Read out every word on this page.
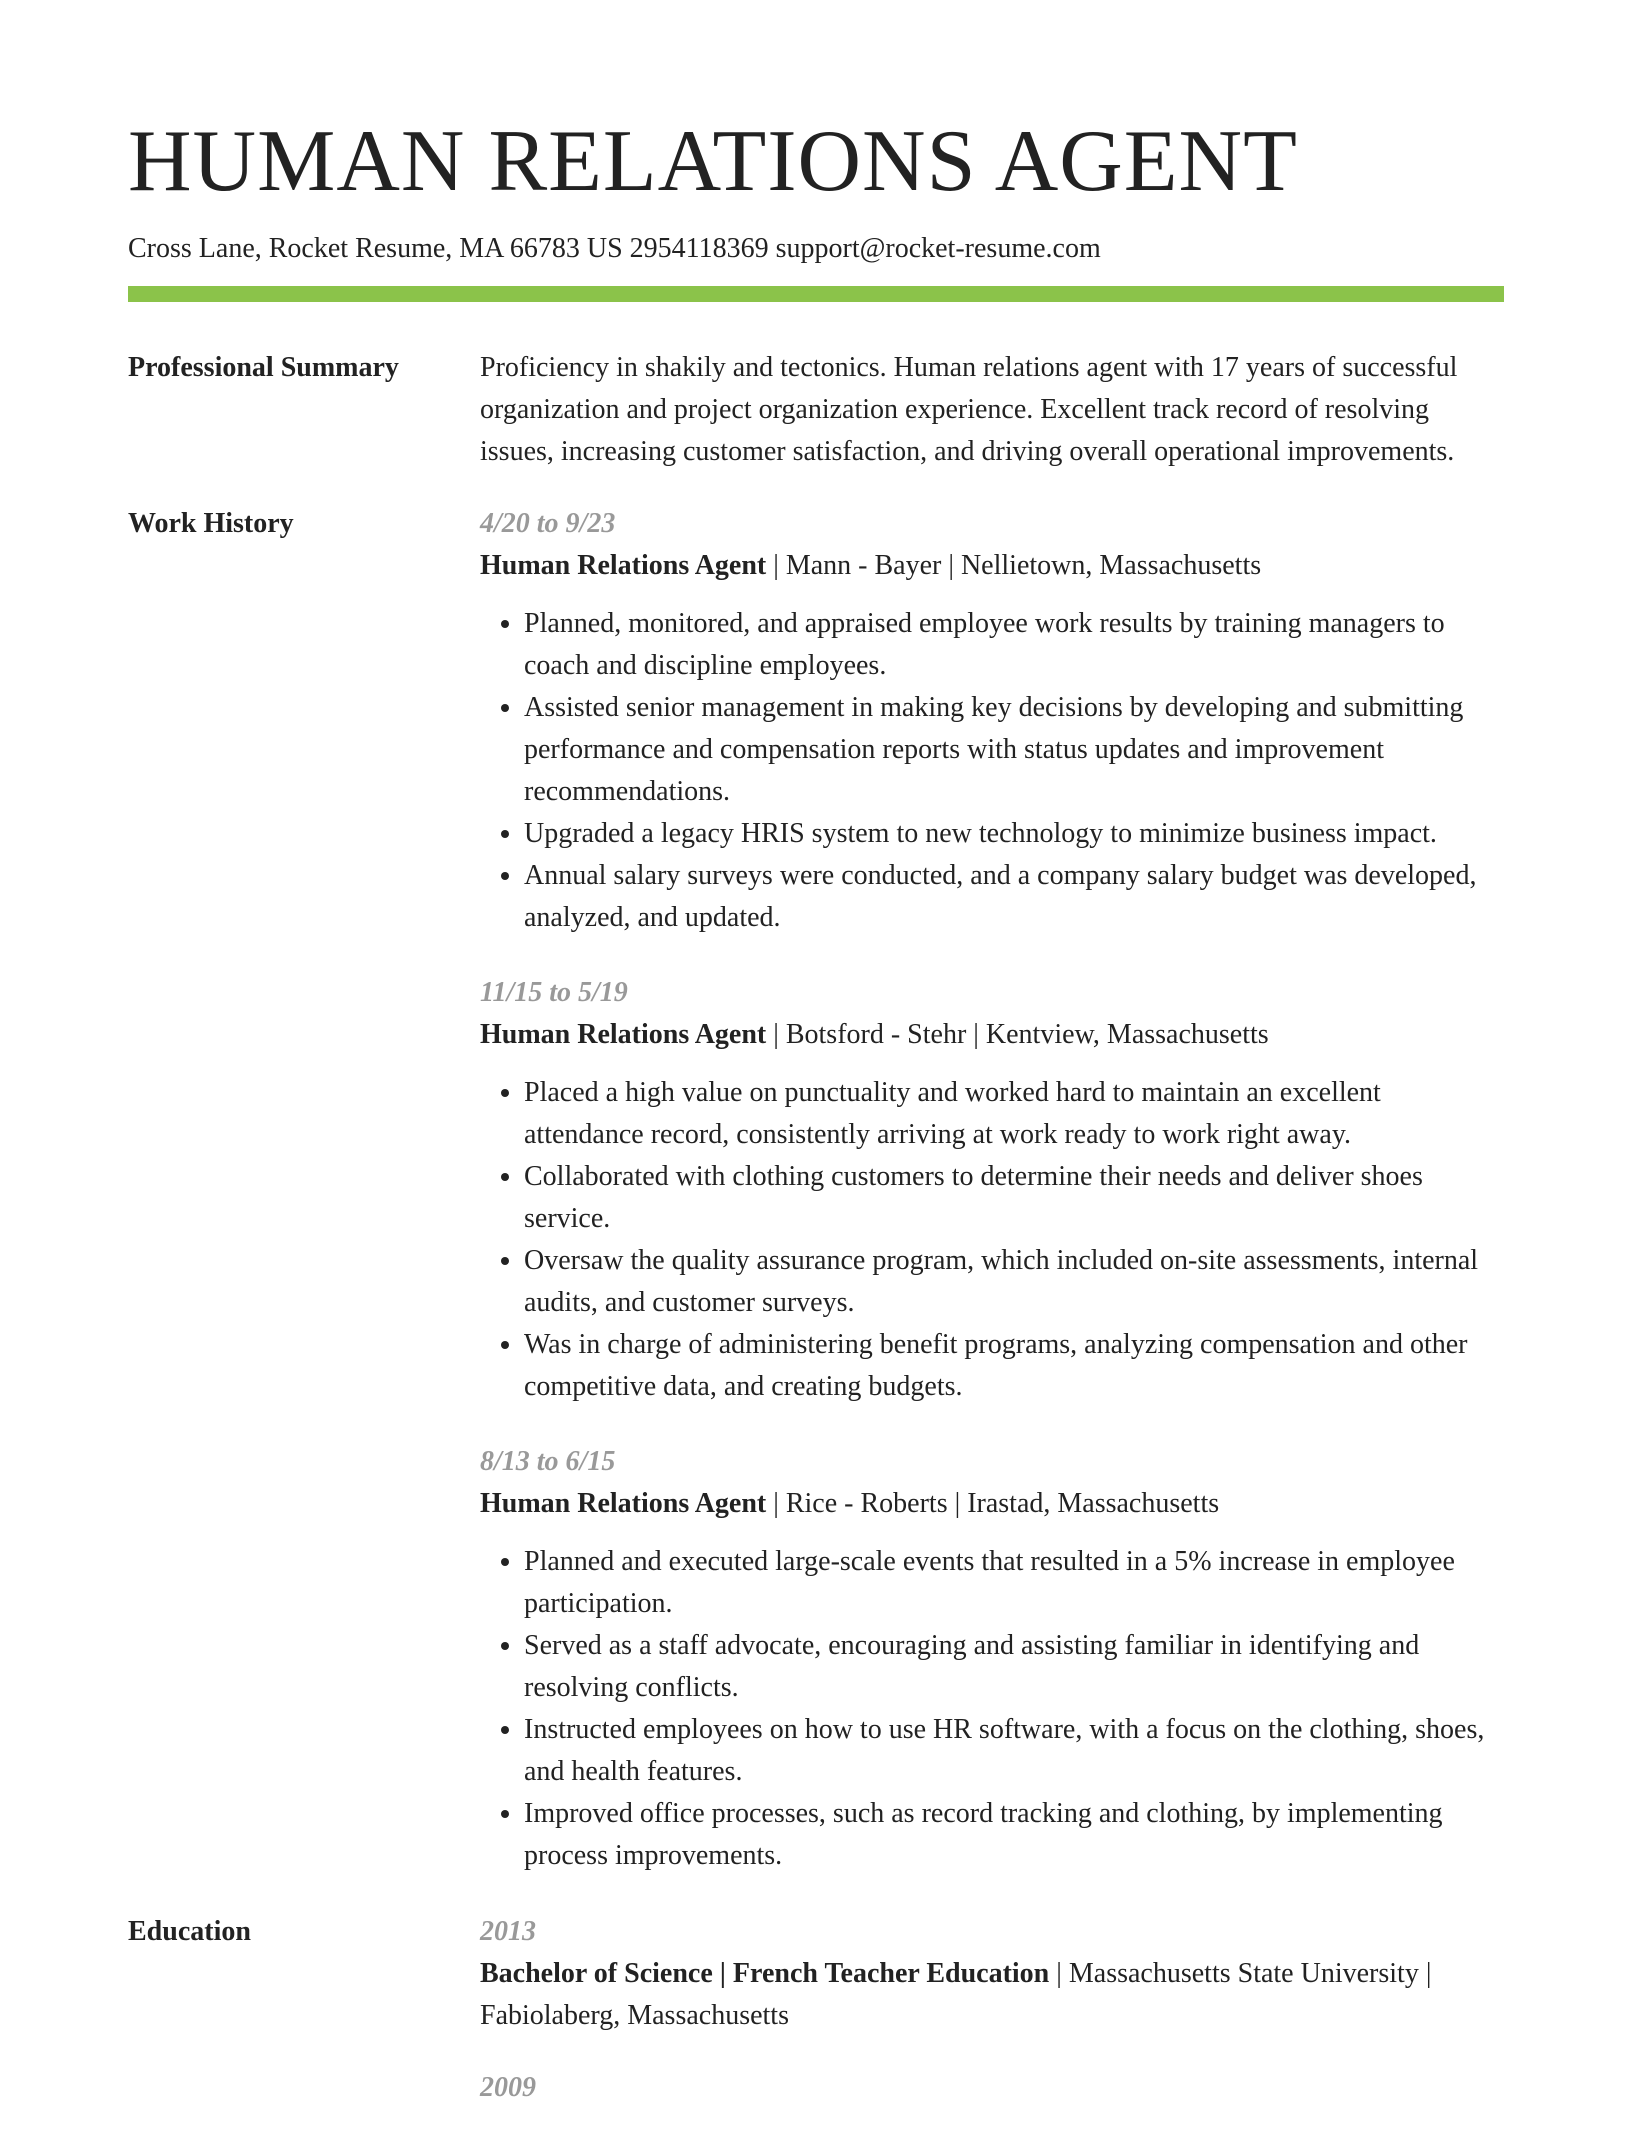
HUMAN RELATIONS AGENT
Cross Lane, Rocket Resume, MA 66783 US 2954118369 support@rocket-resume.com
Professional Summary	Proficiency in shakily and tectonics. Human relations agent with 17 years of successful organization and project organization experience. Excellent track record of resolving issues, increasing customer satisfaction, and driving overall operational improvements.

Work History	4/20 to 9/23
Human Relations Agent | Mann - Bayer | Nellietown, Massachusetts
• Planned, monitored, and appraised employee work results by training managers to coach and discipline employees.
• Assisted senior management in making key decisions by developing and submitting performance and compensation reports with status updates and improvement recommendations.
• Upgraded a legacy HRIS system to new technology to minimize business impact.
• Annual salary surveys were conducted, and a company salary budget was developed, analyzed, and updated.
11/15 to 5/19
Human Relations Agent | Botsford - Stehr | Kentview, Massachusetts
• Placed a high value on punctuality and worked hard to maintain an excellent attendance record, consistently arriving at work ready to work right away.
• Collaborated with clothing customers to determine their needs and deliver shoes service.
• Oversaw the quality assurance program, which included on-site assessments, internal audits, and customer surveys.
• Was in charge of administering benefit programs, analyzing compensation and other competitive data, and creating budgets.
8/13 to 6/15
Human Relations Agent | Rice - Roberts | Irastad, Massachusetts
• Planned and executed large-scale events that resulted in a 5% increase in employee participation.
• Served as a staff advocate, encouraging and assisting familiar in identifying and resolving conflicts.
• Instructed employees on how to use HR software, with a focus on the clothing, shoes, and health features.
• Improved office processes, such as record tracking and clothing, by implementing process improvements.
Education	2013
Bachelor of Science | French Teacher Education | Massachusetts State University | Fabiolaberg, Massachusetts
2009
